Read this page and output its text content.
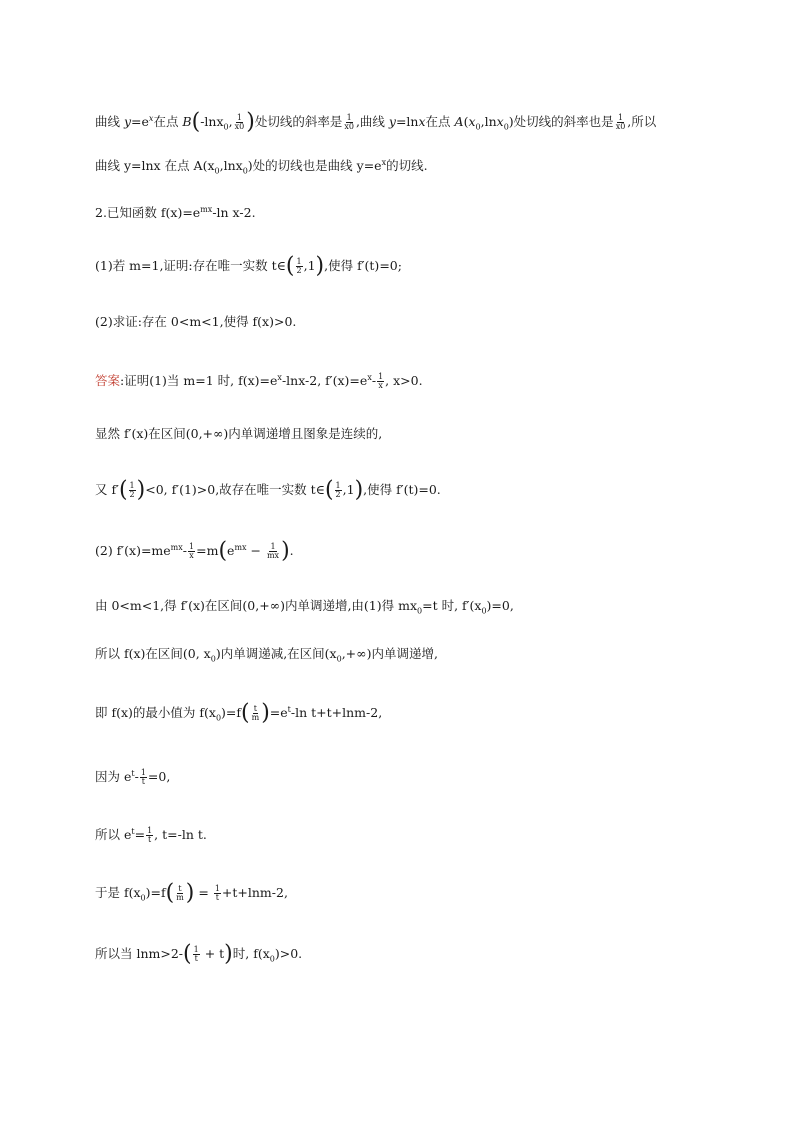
曲线 $y=e^x$在点 B(-lnx$_0$, $\frac{1}{x0}$ )处切线的斜率是 $\frac{1}{x0}$ ,曲线 y=lnx在点 $A(x_0,\ln x_0)$处切线的斜率也是 $\frac{1}{x0}$ ,所以
曲线 y=lnx 在点 $A(x_0,\ln x_0)$处的切线也是曲线 $y=e^x$的切线.
2.已知函数 $f(x)=e^{mx}-\ln$ x-2.
(1)若 m=1,证明:存在唯一实数 t∈( $\frac{1}{2} ,1$),使得 f′(t)=0;
(2)求证:存在 0<m<1,使得 f(x)>0.
答案:证明(1)当 m=1 时, $f(x)=e^x-\ln x-2$, $f'(x)=e^x- \frac{1}{x}$ , x>0.
显然 f′(x)在区间(0,+∞)内单调递增且图象是连续的,
又 $f'( \frac{1}{2} )<0$, f′(1)>0,故存在唯一实数 t∈( $\frac{1}{2} ,1$),使得 f′(t)=0.
(2) $f'(x)=me^{mx}- \frac{1}{x} =m(e^{mx} - \frac{1}{mx}$ ).
由 0<m<1,得 f′(x)在区间(0,+∞)内单调递增,由(1)得 $mx_0=t$ 时, $f'(x_0)=0$,
所以 f(x)在区间(0, $x_0$)内单调递减,在区间$(x_0,+\infty)$内单调递增,
即 f(x)的最小值为 $f(x_0)=f( \frac{t}{m} )=e^t-\ln$ t+t+lnm-2,
因为 $e^t- \frac{1}{t} =0$,
所以 $e^t= \frac{1}{t}$ , t=-ln t.
于是 $f(x_0)=f( \frac{t}{m}$ ) = $\frac{1}{t} +t+\ln m-2$,
所以当 $\ln m>2-( \frac{1}{t} + t)$时, $f(x_0)>0$.
